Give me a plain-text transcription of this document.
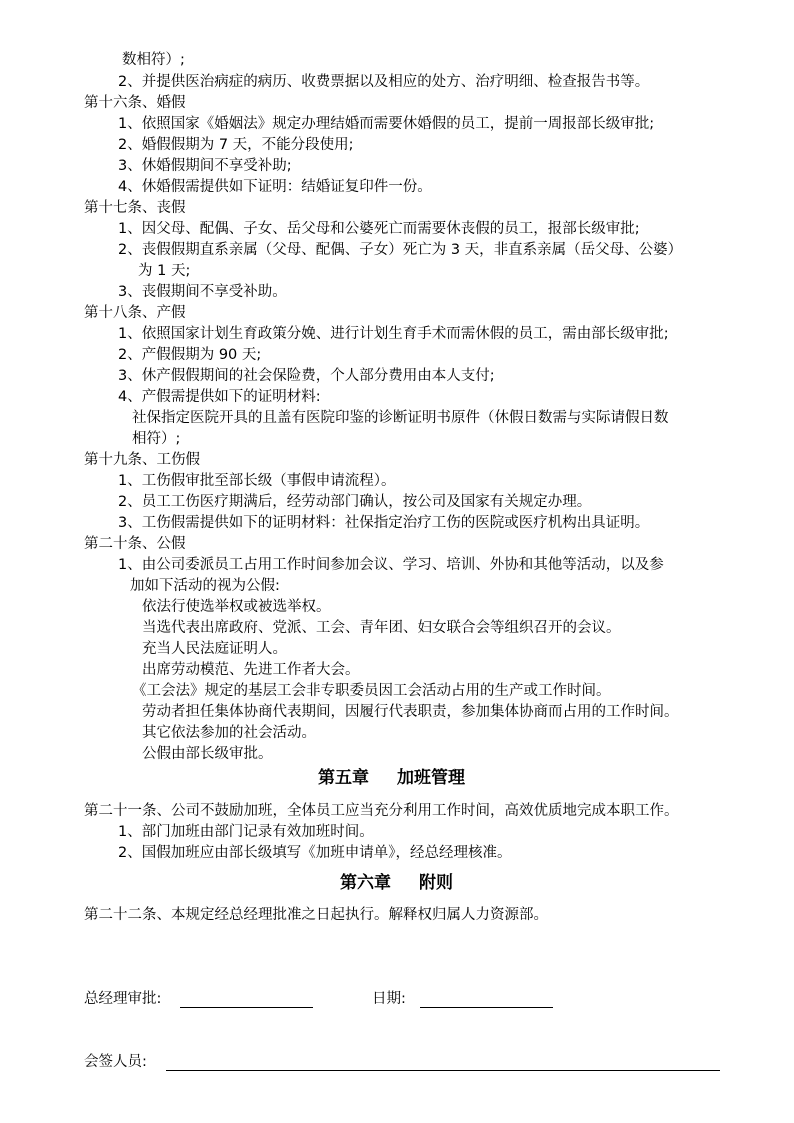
数相符）;
2、并提供医治病症的病历、收费票据以及相应的处方、治疗明细、检查报告书等。
第十六条、婚假
1、依照国家《婚姻法》规定办理结婚而需要休婚假的员工，提前一周报部长级审批;
2、婚假假期为 7 天，不能分段使用;
3、休婚假期间不享受补助;
4、休婚假需提供如下证明：结婚证复印件一份。
第十七条、丧假
1、因父母、配偶、子女、岳父母和公婆死亡而需要休丧假的员工，报部长级审批;
2、丧假假期直系亲属（父母、配偶、子女）死亡为 3 天，非直系亲属（岳父母、公婆）
为 1 天;
3、丧假期间不享受补助。
第十八条、产假
1、依照国家计划生育政策分娩、进行计划生育手术而需休假的员工，需由部长级审批;
2、产假假期为 90 天;
3、休产假假期间的社会保险费，个人部分费用由本人支付;
4、产假需提供如下的证明材料:
社保指定医院开具的且盖有医院印鉴的诊断证明书原件（休假日数需与实际请假日数
相符）;
第十九条、工伤假
1、工伤假审批至部长级（事假申请流程）。
2、员工工伤医疗期满后，经劳动部门确认，按公司及国家有关规定办理。
3、工伤假需提供如下的证明材料：社保指定治疗工伤的医院或医疗机构出具证明。
第二十条、公假
1、由公司委派员工占用工作时间参加会议、学习、培训、外协和其他等活动，以及参
加如下活动的视为公假:
依法行使选举权或被选举权。
当选代表出席政府、党派、工会、青年团、妇女联合会等组织召开的会议。
充当人民法庭证明人。
出席劳动模范、先进工作者大会。
《工会法》规定的基层工会非专职委员因工会活动占用的生产或工作时间。
劳动者担任集体协商代表期间，因履行代表职责，参加集体协商而占用的工作时间。
其它依法参加的社会活动。
公假由部长级审批。
第五章 加班管理
第二十一条、公司不鼓励加班，全体员工应当充分利用工作时间，高效优质地完成本职工作。
1、部门加班由部门记录有效加班时间。
2、国假加班应由部长级填写《加班申请单》，经总经理核准。
第六章 附则
第二十二条、本规定经总经理批准之日起执行。解释权归属人力资源部。
总经理审批:	日期:
会签人员:
